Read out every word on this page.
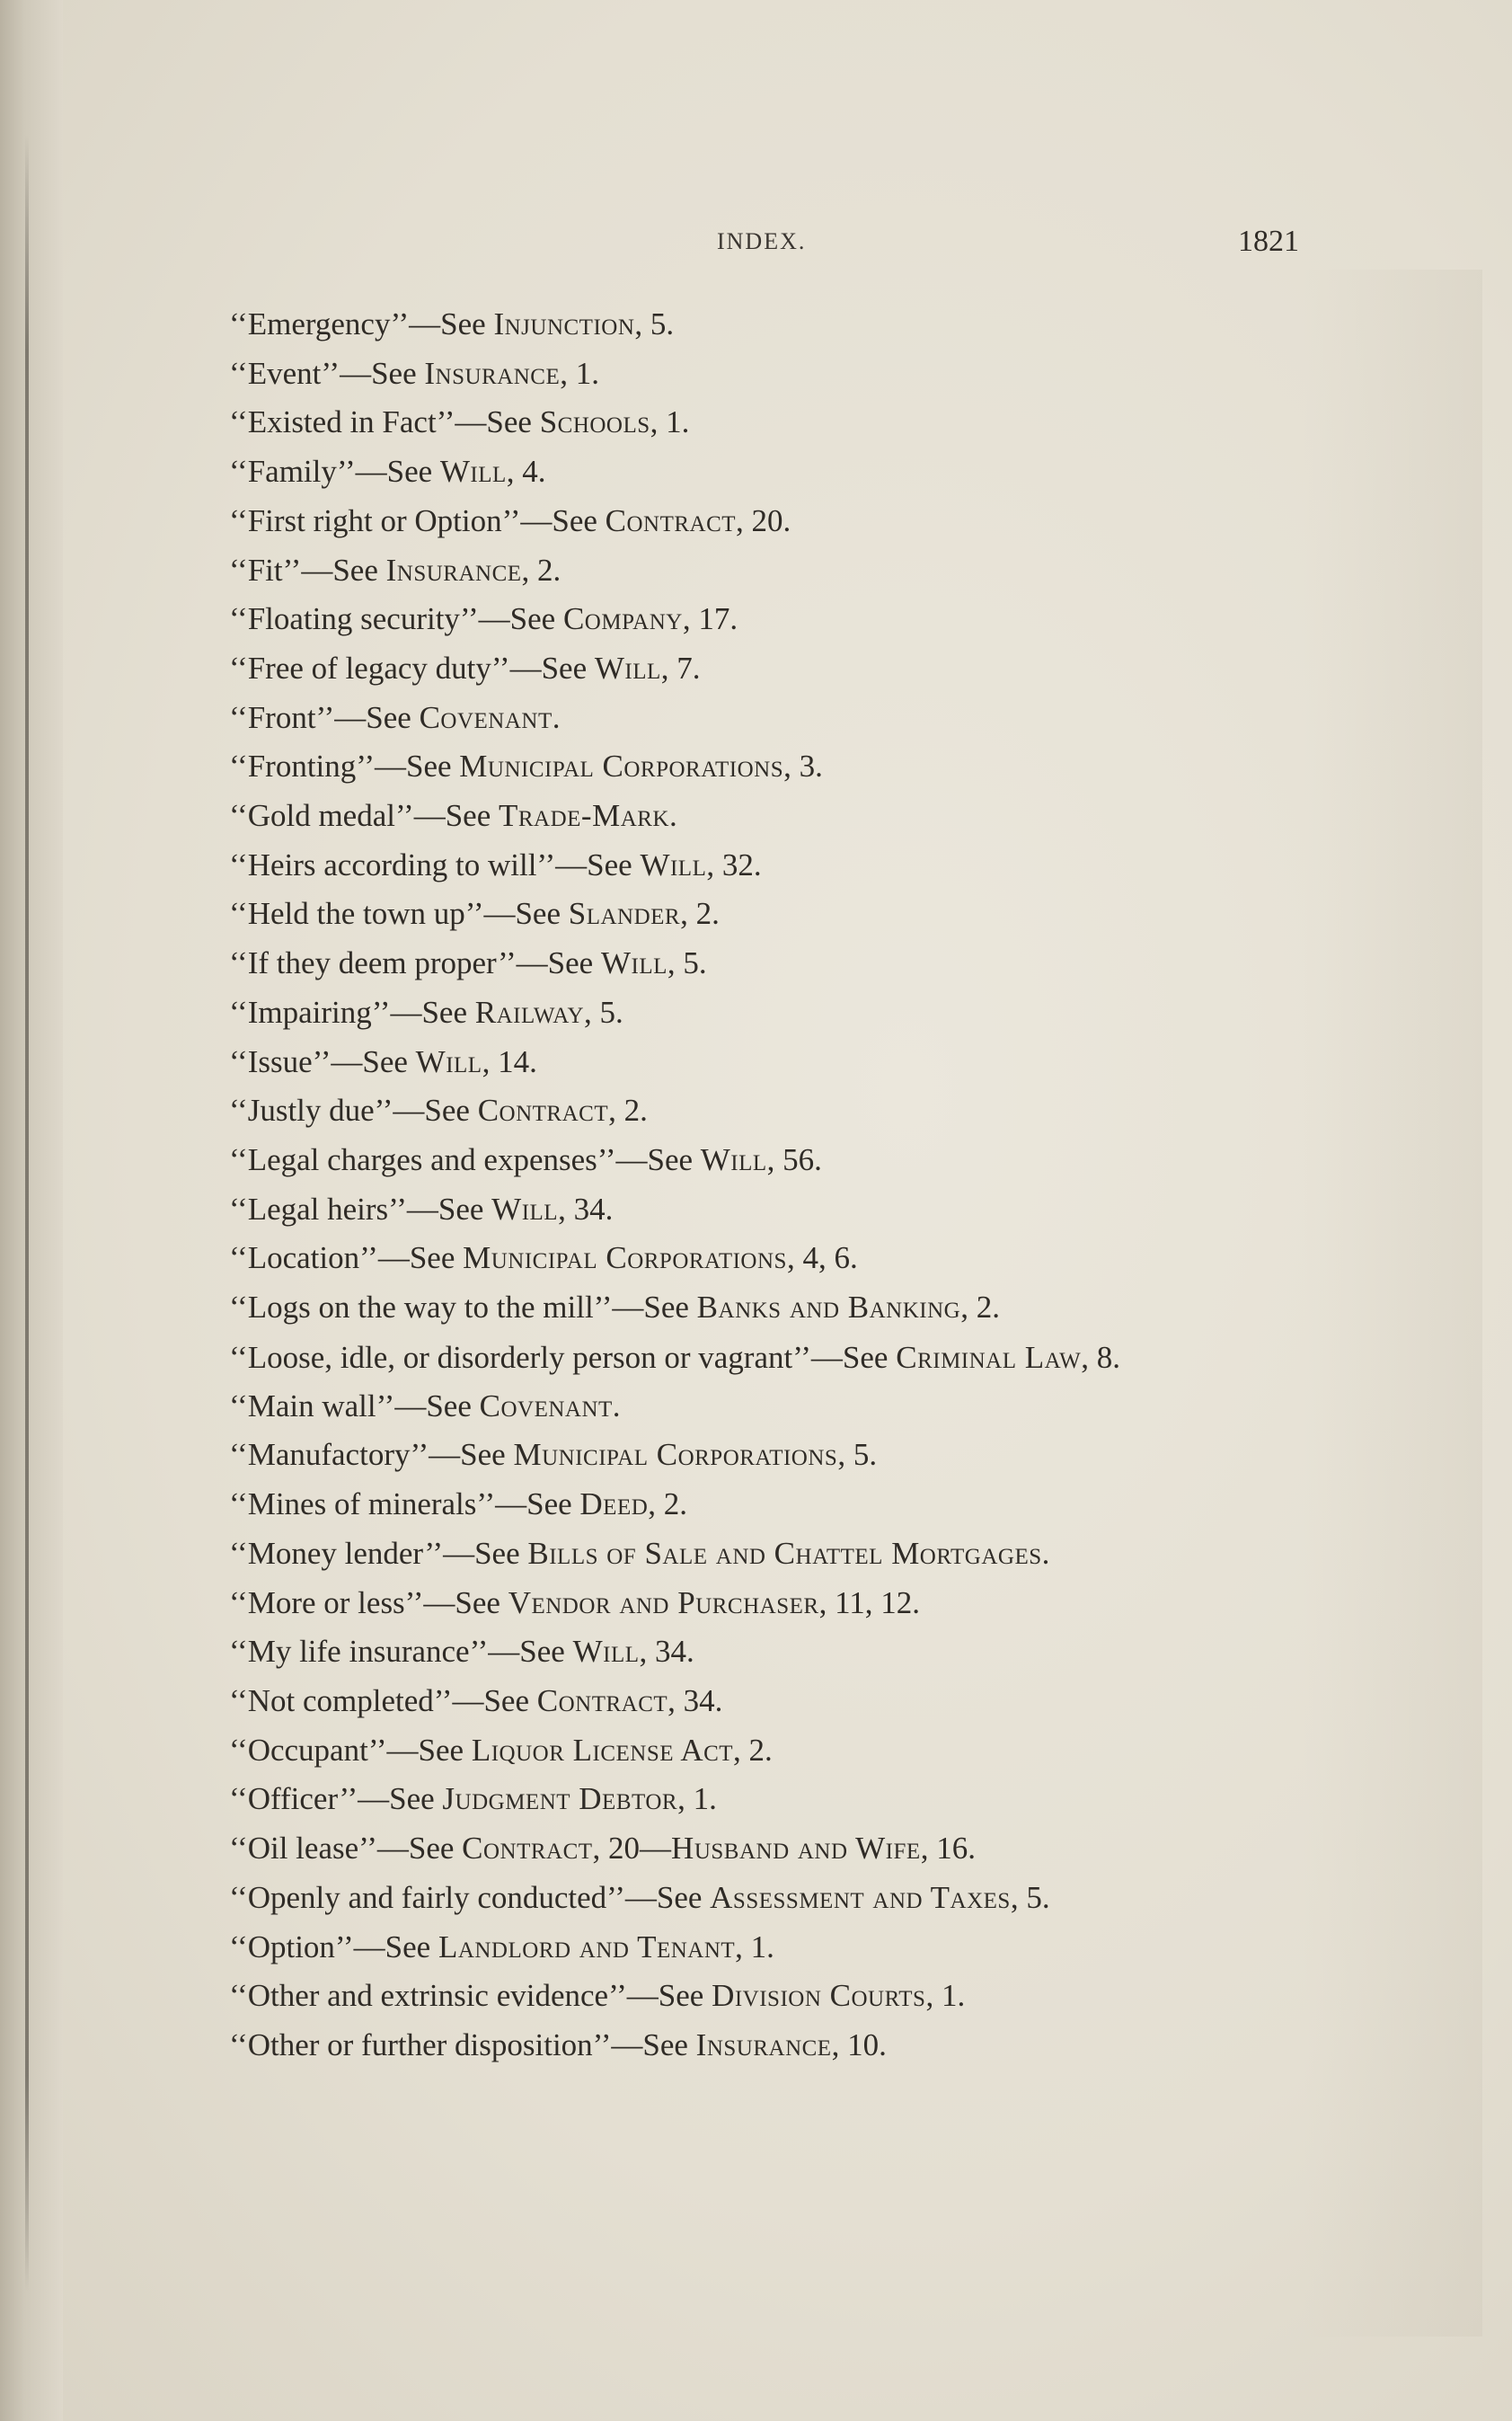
INDEX.	1821
‘‘Emergency’’—See Injunction, 5.
‘‘Event’’—See Insurance, 1.
‘‘Existed in Fact’’—See Schools, 1.
‘‘Family’’—See Will, 4.
‘‘First right or Option’’—See Contract, 20.
‘‘Fit’’—See Insurance, 2.
‘‘Floating security’’—See Company, 17.
‘‘Free of legacy duty’’—See Will, 7.
‘‘Front’’—See Covenant.
‘‘Fronting’’—See Municipal Corporations, 3.
‘‘Gold medal’’—See Trade-Mark.
‘‘Heirs according to will’’—See Will, 32.
‘‘Held the town up’’—See Slander, 2.
‘‘If they deem proper’’—See Will, 5.
‘‘Impairing’’—See Railway, 5.
‘‘Issue’’—See Will, 14.
‘‘Justly due’’—See Contract, 2.
‘‘Legal charges and expenses’’—See Will, 56.
‘‘Legal heirs’’—See Will, 34.
‘‘Location’’—See Municipal Corporations, 4, 6.
‘‘Logs on the way to the mill’’—See Banks and Banking, 2.
‘‘Loose, idle, or disorderly person or vagrant’’—See Criminal Law, 8.
‘‘Main wall’’—See Covenant.
‘‘Manufactory’’—See Municipal Corporations, 5.
‘‘Mines of minerals’’—See Deed, 2.
‘‘Money lender’’—See Bills of Sale and Chattel Mortgages.
‘‘More or less’’—See Vendor and Purchaser, 11, 12.
‘‘My life insurance’’—See Will, 34.
‘‘Not completed’’—See Contract, 34.
‘‘Occupant’’—See Liquor License Act, 2.
‘‘Officer’’—See Judgment Debtor, 1.
‘‘Oil lease’’—See Contract, 20—Husband and Wife, 16.
‘‘Openly and fairly conducted’’—See Assessment and Taxes, 5.
‘‘Option’’—See Landlord and Tenant, 1.
‘‘Other and extrinsic evidence’’—See Division Courts, 1.
‘‘Other or further disposition’’—See Insurance, 10.
